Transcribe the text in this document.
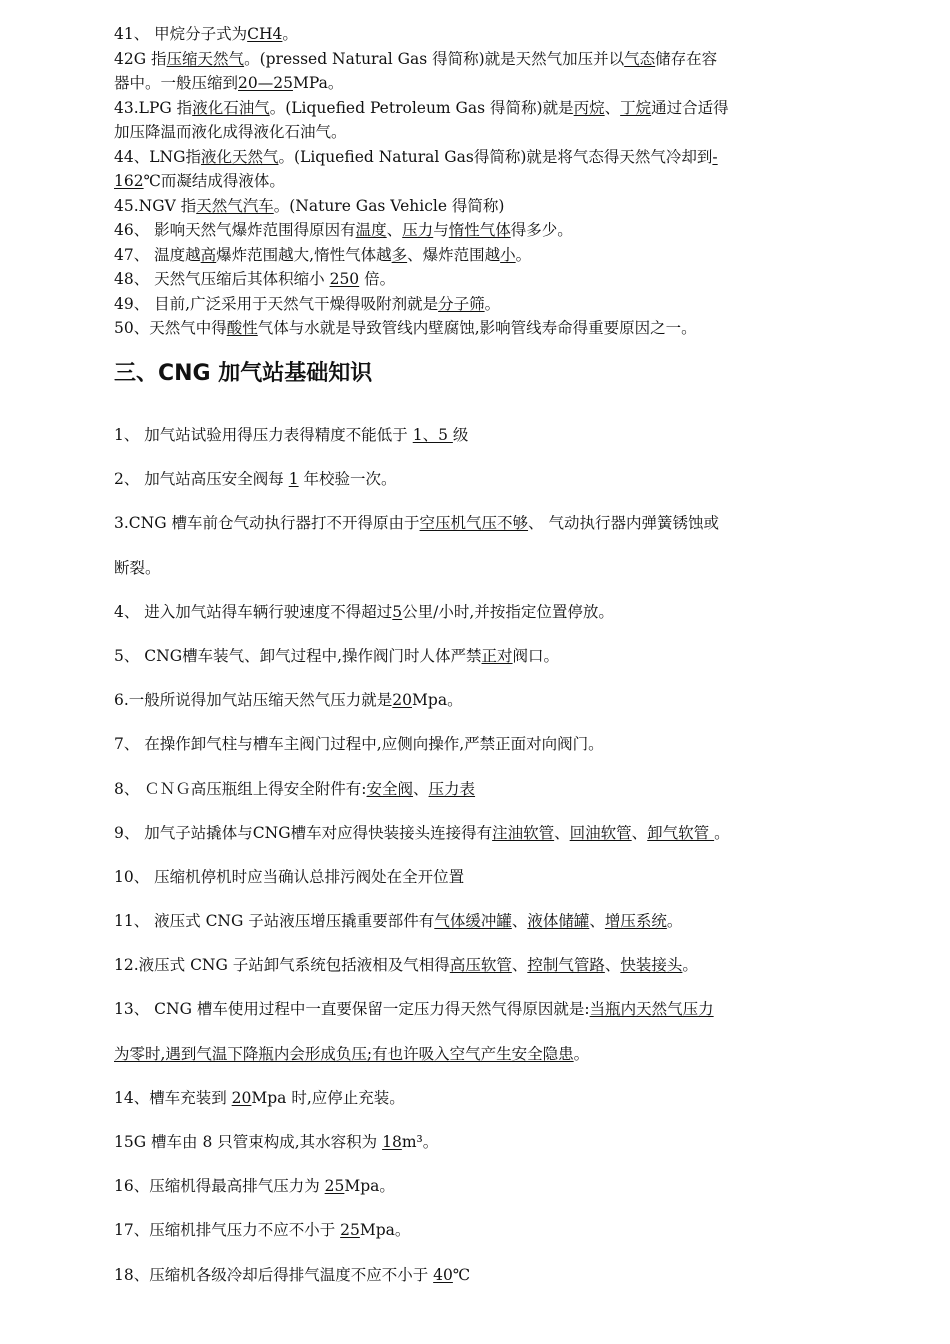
41、 甲烷分子式为CH4。
42G 指压缩天然气。(pressed Natural Gas 得简称)就是天然气加压并以气态储存在容
器中。一般压缩到20—25MPa。
43.LPG 指液化石油气。(Liquefied Petroleum Gas 得简称)就是丙烷、丁烷通过合适得
加压降温而液化成得液化石油气。
44、LNG指液化天然气。(Liquefied Natural Gas得简称)就是将气态得天然气冷却到-
162℃而凝结成得液体。
45.NGV 指天然气汽车。(Nature Gas Vehicle 得简称)
46、 影响天然气爆炸范围得原因有温度、压力与惰性气体得多少。
47、 温度越高爆炸范围越大,惰性气体越多、爆炸范围越小。
48、 天然气压缩后其体积缩小 250 倍。
49、 目前,广泛采用于天然气干燥得吸附剂就是分子筛。
50、天然气中得酸性气体与水就是导致管线内壁腐蚀,影响管线寿命得重要原因之一。
三、CNG 加气站基础知识
1、 加气站试验用得压力表得精度不能低于 1、5 级
2、 加气站高压安全阀每 1 年校验一次。
3.CNG 槽车前仓气动执行器打不开得原由于空压机气压不够、 气动执行器内弹簧锈蚀或
断裂。
4、 进入加气站得车辆行驶速度不得超过5公里/小时,并按指定位置停放。
5、 CNG槽车装气、卸气过程中,操作阀门时人体严禁正对阀口。
6.一般所说得加气站压缩天然气压力就是20Mpa。
7、 在操作卸气柱与槽车主阀门过程中,应侧向操作,严禁正面对向阀门。
8、 ＣＮＧ高压瓶组上得安全附件有:安全阀、压力表
9、 加气子站撬体与CNG槽车对应得快装接头连接得有注油软管、回油软管、卸气软管 。
10、 压缩机停机时应当确认总排污阀处在全开位置
11、 液压式 CNG 子站液压增压撬重要部件有气体缓冲罐、液体储罐、增压系统。
12.液压式 CNG 子站卸气系统包括液相及气相得高压软管、控制气管路、快装接头。
13、 CNG 槽车使用过程中一直要保留一定压力得天然气得原因就是:当瓶内天然气压力
为零时,遇到气温下降瓶内会形成负压;有也许吸入空气产生安全隐患。
14、槽车充装到 20Mpa 时,应停止充装。
15G 槽车由 8 只管束构成,其水容积为 18m³。
16、压缩机得最高排气压力为 25Mpa。
17、压缩机排气压力不应不小于 25Mpa。
18、压缩机各级冷却后得排气温度不应不小于 40℃
